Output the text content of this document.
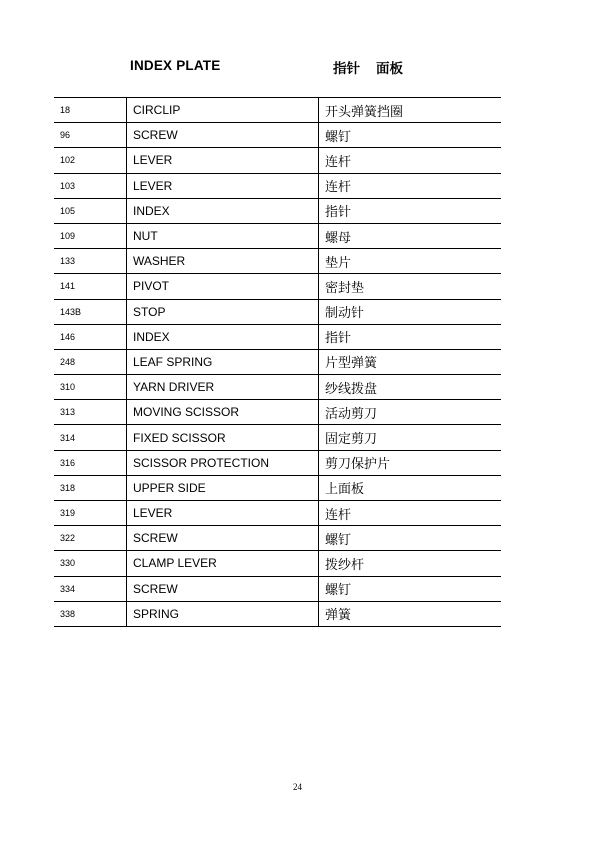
INDEX PLATE	指针 面板
18	CIRCLIP	开头弹簧挡圈
96	SCREW	螺钉
102	LEVER	连杆
103	LEVER	连杆
105	INDEX	指针
109	NUT	螺母
133	WASHER	垫片
141	PIVOT	密封垫
143B	STOP	制动针
146	INDEX	指针
248	LEAF SPRING	片型弹簧
310	YARN DRIVER	纱线拨盘
313	MOVING SCISSOR	活动剪刀
314	FIXED SCISSOR	固定剪刀
316	SCISSOR PROTECTION	剪刀保护片
318	UPPER SIDE	上面板
319	LEVER	连杆
322	SCREW	螺钉
330	CLAMP LEVER	拨纱杆
334	SCREW	螺钉
338	SPRING	弹簧
24
